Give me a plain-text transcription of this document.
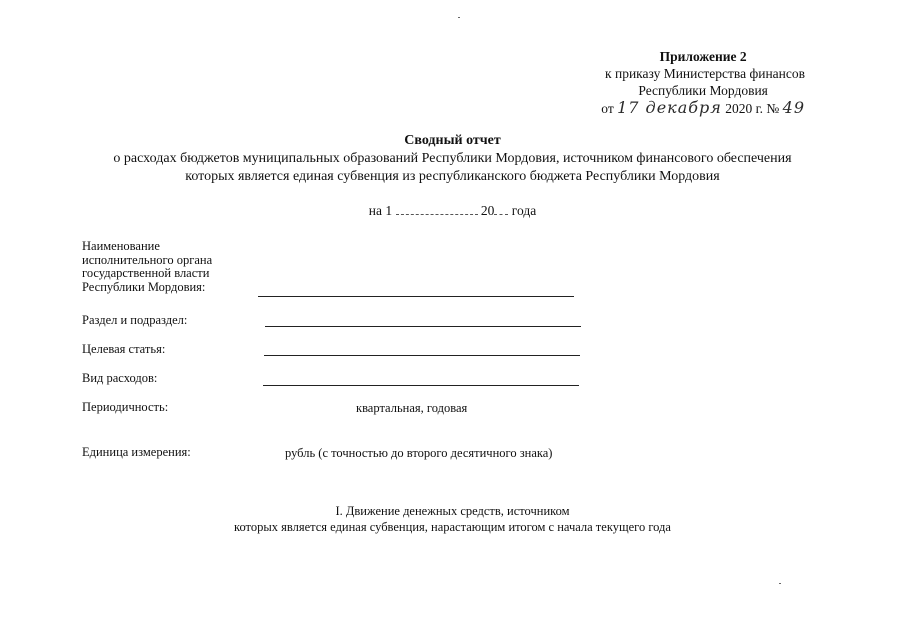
Приложение 2
к приказу Министерства финансов
Республики Мордовия
от 17 декабря 2020 г. № 49
Сводный отчет
о расходах бюджетов муниципальных образований Республики Мордовия, источником финансового обеспечения
которых является единая субвенция из республиканского бюджета Республики Мордовия
на 1	20 года
Наименование
исполнительного органа
государственной власти
Республики Мордовия:
Раздел и подраздел:
Целевая статья:
Вид расходов:
Периодичность:	квартальная, годовая
Единица измерения:	рубль (с точностью до второго десятичного знака)
I. Движение денежных средств, источником
которых является единая субвенция, нарастающим итогом с начала текущего года
